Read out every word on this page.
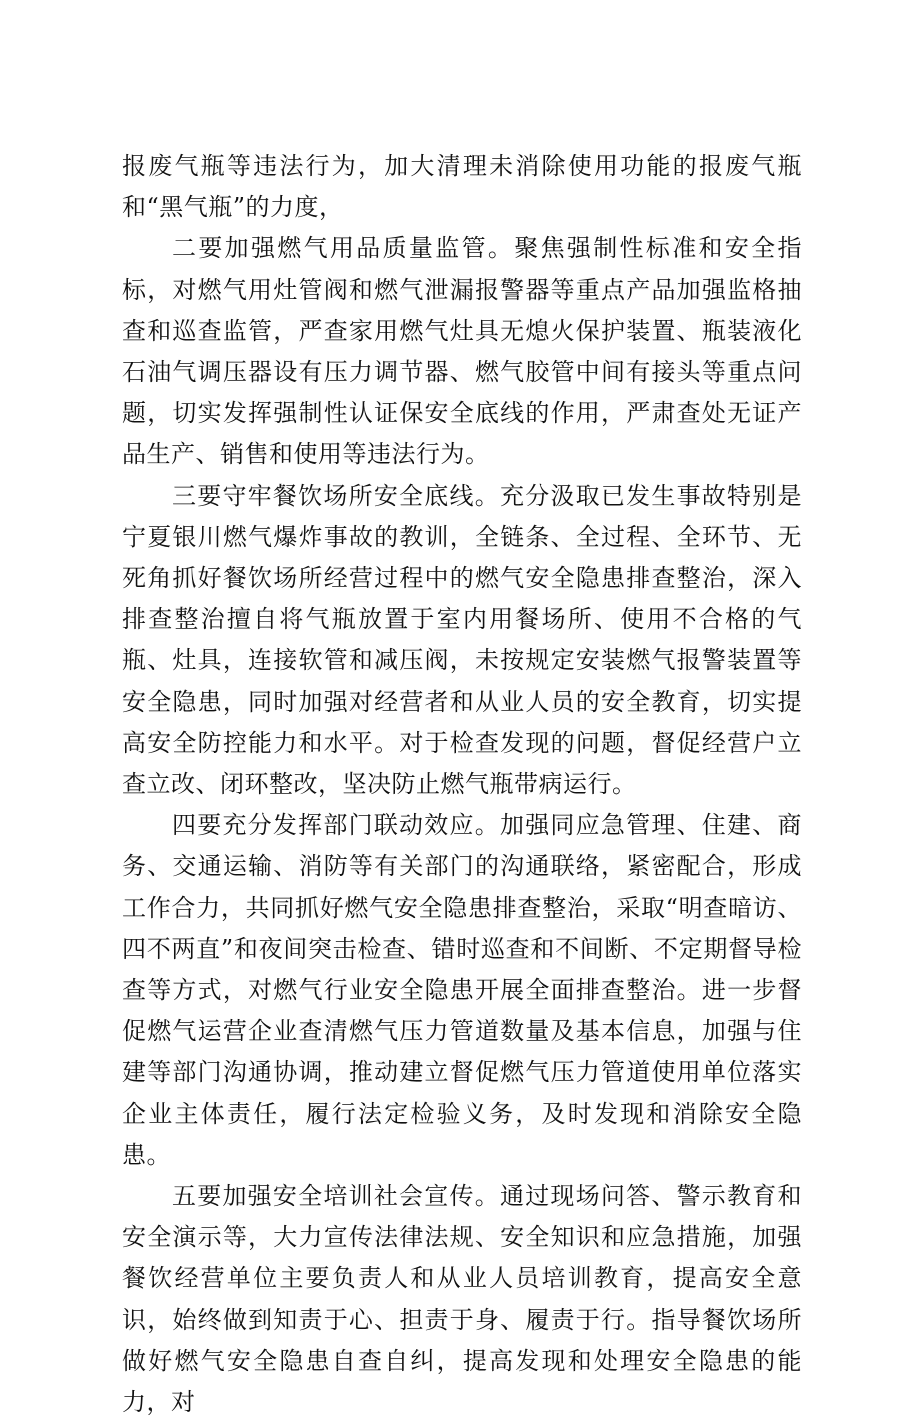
报废气瓶等违法行为，加大清理未消除使用功能的报废气瓶和“黑气瓶”的力度，

二要加强燃气用品质量监管。聚焦强制性标准和安全指标，对燃气用灶管阀和燃气泄漏报警器等重点产品加强监格抽查和巡查监管，严查家用燃气灶具无熄火保护装置、瓶装液化石油气调压器设有压力调节器、燃气胶管中间有接头等重点问题，切实发挥强制性认证保安全底线的作用，严肃查处无证产品生产、销售和使用等违法行为。

三要守牢餐饮场所安全底线。充分汲取已发生事故特别是宁夏银川燃气爆炸事故的教训，全链条、全过程、全环节、无死角抓好餐饮场所经营过程中的燃气安全隐患排查整治，深入排查整治擅自将气瓶放置于室内用餐场所、使用不合格的气瓶、灶具，连接软管和减压阀，未按规定安装燃气报警装置等安全隐患，同时加强对经营者和从业人员的安全教育，切实提高安全防控能力和水平。对于检查发现的问题，督促经营户立查立改、闭环整改，坚决防止燃气瓶带病运行。

四要充分发挥部门联动效应。加强同应急管理、住建、商务、交通运输、消防等有关部门的沟通联络，紧密配合，形成工作合力，共同抓好燃气安全隐患排查整治，采取“明查暗访、四不两直”和夜间突击检查、错时巡查和不间断、不定期督导检查等方式，对燃气行业安全隐患开展全面排查整治。进一步督促燃气运营企业查清燃气压力管道数量及基本信息，加强与住建等部门沟通协调，推动建立督促燃气压力管道使用单位落实企业主体责任，履行法定检验义务，及时发现和消除安全隐患。

五要加强安全培训社会宣传。通过现场问答、警示教育和安全演示等，大力宣传法律法规、安全知识和应急措施，加强餐饮经营单位主要负责人和从业人员培训教育，提高安全意识，始终做到知责于心、担责于身、履责于行。指导餐饮场所做好燃气安全隐患自查自纠，提高发现和处理安全隐患的能力，对
